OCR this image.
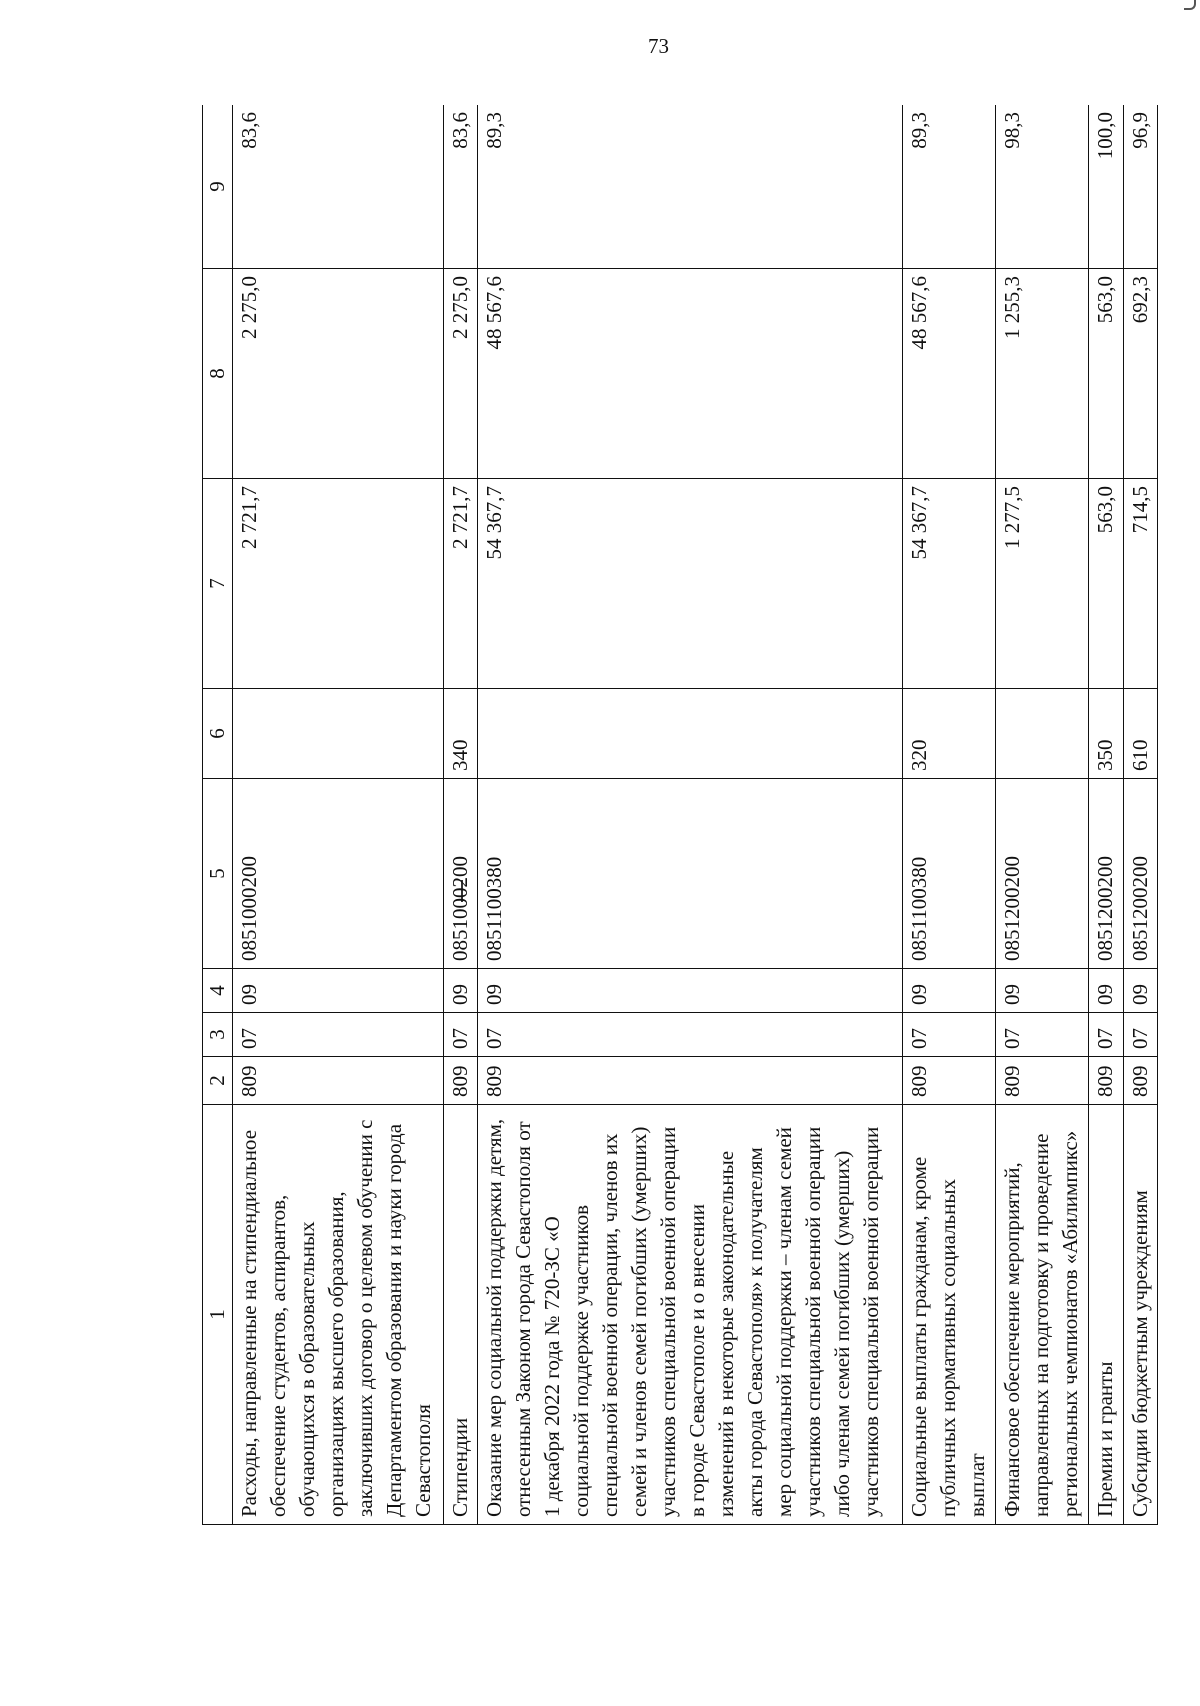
73
1	2	3	4	5	6	7	8	9
Расходы, направленные на стипендиальное обеспечение студентов, аспирантов, обучающихся в образовательных организациях высшего образования, заключивших договор о целевом обучении с Департаментом образования и науки города Севастополя	809	07	09	0851000200		2 721,7	2 275,0	83,6
Стипендии	809	07	09	0851000200	340	2 721,7	2 275,0	83,6
Оказание мер социальной поддержки детям, отнесенным Законом города Севастополя от 1 декабря 2022 года № 720-ЗС «О социальной поддержке участников специальной военной операции, членов их семей и членов семей погибших (умерших) участников специальной военной операции в городе Севастополе и о внесении изменений в некоторые законодательные акты города Севастополя» к получателям мер социальной поддержки – членам семей участников специальной военной операции либо членам семей погибших (умерших) участников специальной военной операции	809	07	09	0851100380		54 367,7	48 567,6	89,3
Социальные выплаты гражданам, кроме публичных нормативных социальных выплат	809	07	09	0851100380	320	54 367,7	48 567,6	89,3
Финансовое обеспечение мероприятий, направленных на подготовку и проведение региональных чемпионатов «Абилимпикс»	809	07	09	0851200200		1 277,5	1 255,3	98,3
Премии и гранты	809	07	09	0851200200	350	563,0	563,0	100,0
Субсидии бюджетным учреждениям	809	07	09	0851200200	610	714,5	692,3	96,9
